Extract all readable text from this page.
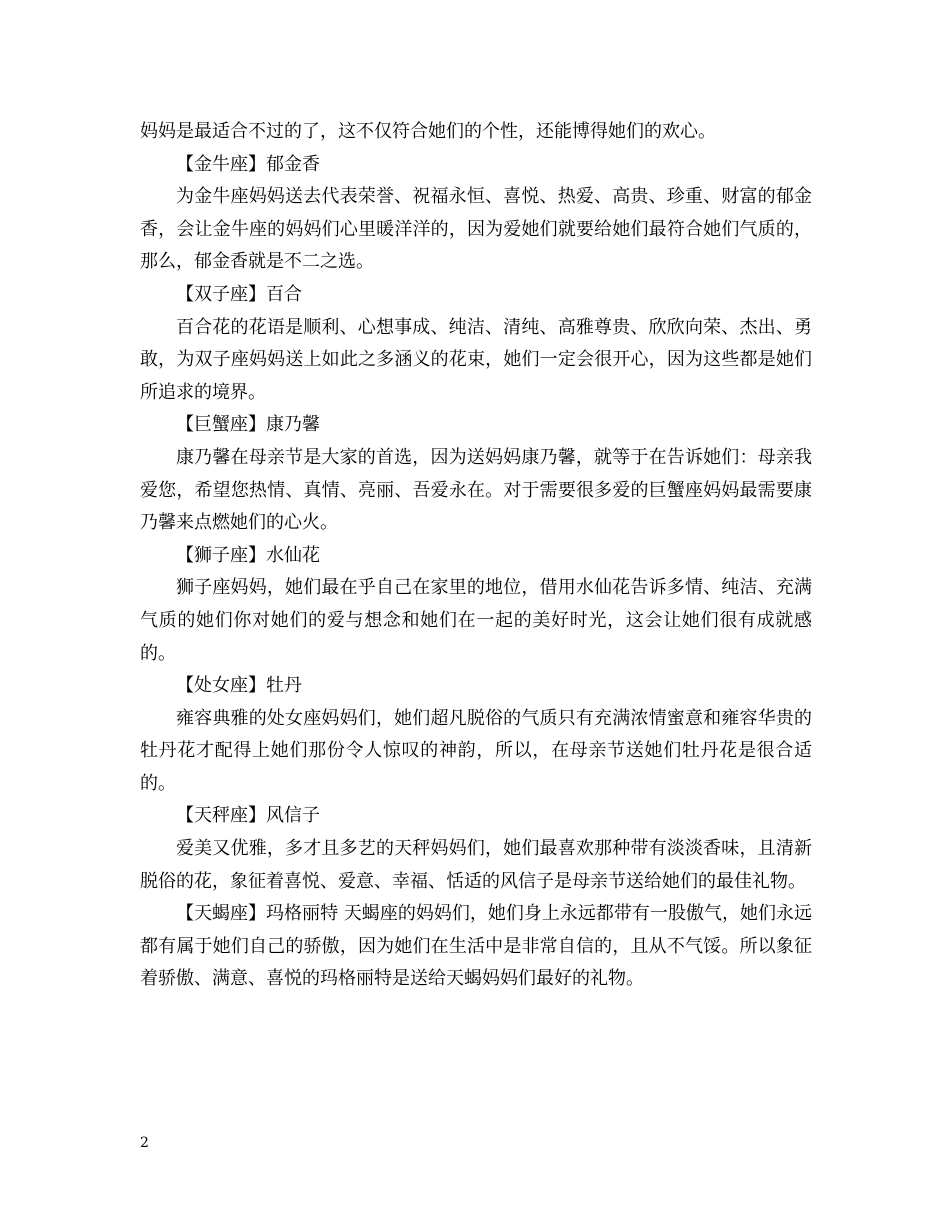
妈妈是最适合不过的了，这不仅符合她们的个性，还能博得她们的欢心。

【金牛座】郁金香

为金牛座妈妈送去代表荣誉、祝福永恒、喜悦、热爱、高贵、珍重、财富的郁金香，会让金牛座的妈妈们心里暖洋洋的，因为爱她们就要给她们最符合她们气质的，那么，郁金香就是不二之选。

【双子座】百合

百合花的花语是顺利、心想事成、纯洁、清纯、高雅尊贵、欣欣向荣、杰出、勇敢，为双子座妈妈送上如此之多涵义的花束，她们一定会很开心，因为这些都是她们所追求的境界。

【巨蟹座】康乃馨

康乃馨在母亲节是大家的首选，因为送妈妈康乃馨，就等于在告诉她们：母亲我爱您，希望您热情、真情、亮丽、吾爱永在。对于需要很多爱的巨蟹座妈妈最需要康乃馨来点燃她们的心火。

【狮子座】水仙花

狮子座妈妈，她们最在乎自己在家里的地位，借用水仙花告诉多情、纯洁、充满气质的她们你对她们的爱与想念和她们在一起的美好时光，这会让她们很有成就感的。

【处女座】牡丹

雍容典雅的处女座妈妈们，她们超凡脱俗的气质只有充满浓情蜜意和雍容华贵的牡丹花才配得上她们那份令人惊叹的神韵，所以，在母亲节送她们牡丹花是很合适的。

【天秤座】风信子

爱美又优雅，多才且多艺的天秤妈妈们，她们最喜欢那种带有淡淡香味，且清新脱俗的花，象征着喜悦、爱意、幸福、恬适的风信子是母亲节送给她们的最佳礼物。

【天蝎座】玛格丽特 天蝎座的妈妈们，她们身上永远都带有一股傲气，她们永远都有属于她们自己的骄傲，因为她们在生活中是非常自信的，且从不气馁。所以象征着骄傲、满意、喜悦的玛格丽特是送给天蝎妈妈们最好的礼物。

2
